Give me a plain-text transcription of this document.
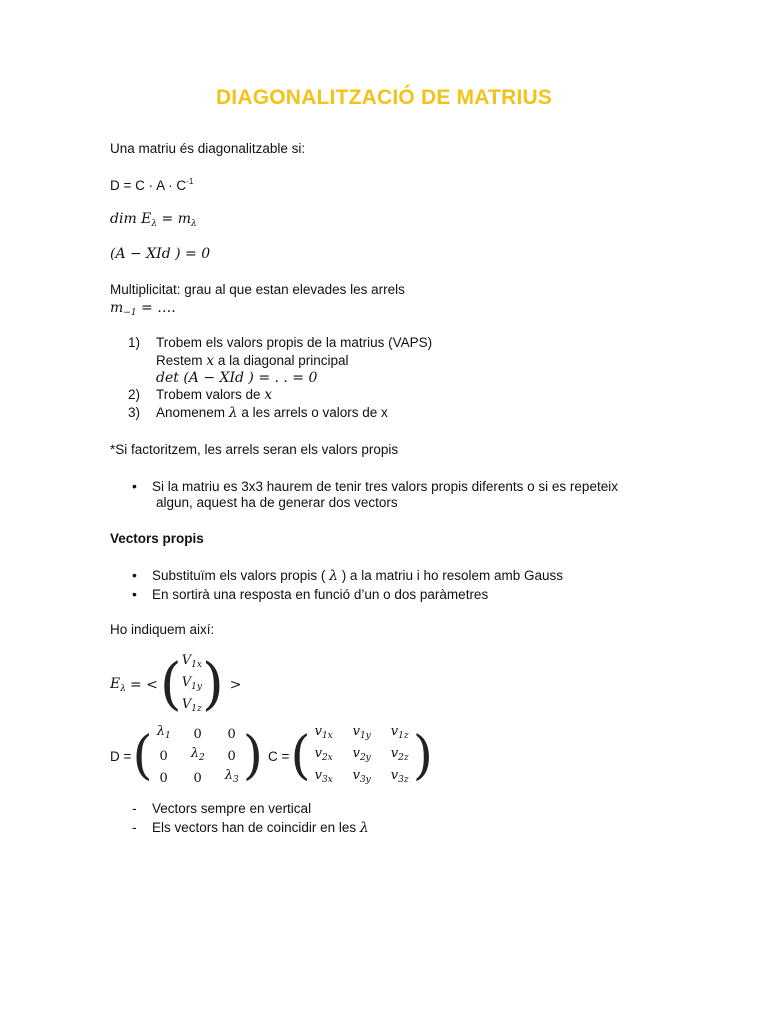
DIAGONALITZACIÓ DE MATRIUS
Una matriu és diagonalitzable si:
$D = C \cdot A \cdot C^{-1}$
dim $E_\lambda = m_\lambda$
(A − XId ) = 0
Multiplicitat: grau al que estan elevades les arrels
$m_{-1}$ = ….
1) Trobem els valors propis de la matrius (VAPS)
Restem x a la diagonal principal
det (A − XId ) = . . = 0
2) Trobem valors de x
3) Anomenem λ a les arrels o valors de x
*Si factoritzem, les arrels seran els valors propis
• Si la matriu es 3x3 haurem de tenir tres valors propis diferents o si es repeteix
algun, aquest ha de generar dos vectors
Vectors propis
• Substituïm els valors propis ( λ ) a la matriu i ho resolem amb Gauss
• En sortirà una resposta en funció d’un o dos paràmetres
Ho indiquem així:
$E_\lambda$ = < ( $V_{1x}$
$V_{1y}$
$V_{1z}$ ) >
D = ( $\lambda_1$ 0 0
0 $\lambda_2$ 0
0 0 $\lambda_3$ ) C = ( $v_{1x}$ $v_{1y}$ $v_{1z}$
$v_{2x}$ $v_{2y}$ $v_{2z}$
$v_{3x}$ $v_{3y}$ $v_{3z}$ )
- Vectors sempre en vertical
- Els vectors han de coincidir en les λ
